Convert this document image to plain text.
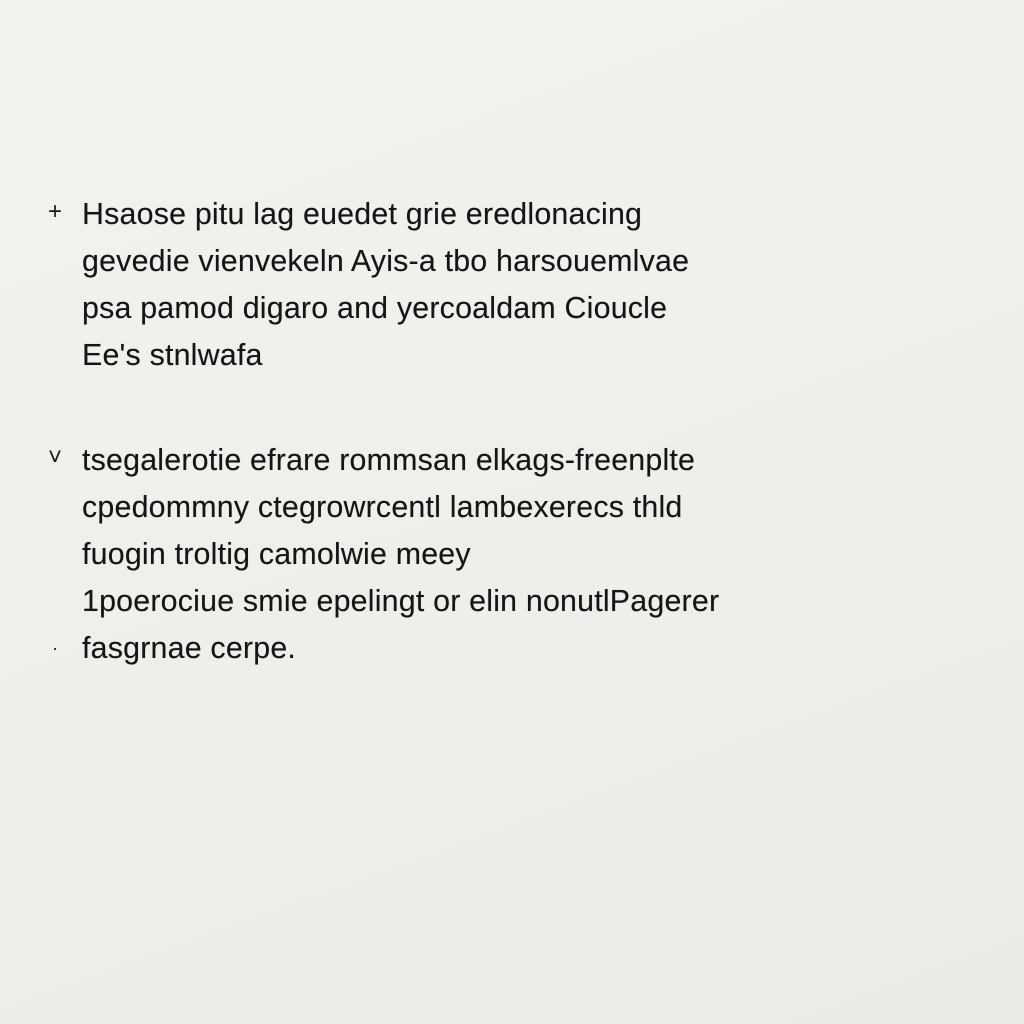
+ Hsaose pitu lag euedet grie eredlonacing
gevedie vienvekeln Ayis-a tbo harsouemlvae
psa pamod digaro and yercoaldam Cioucle
Ee's stnlwafa
˅ tsegalerotie efrare rommsan elkags-freenplte
cpedommny ctegrowrcentl lambexerecs thld
fuogin troltig camolwie meey
1poerociue smie epelingt or elin nonutlPagerer
· fasgrnae cerpe.
